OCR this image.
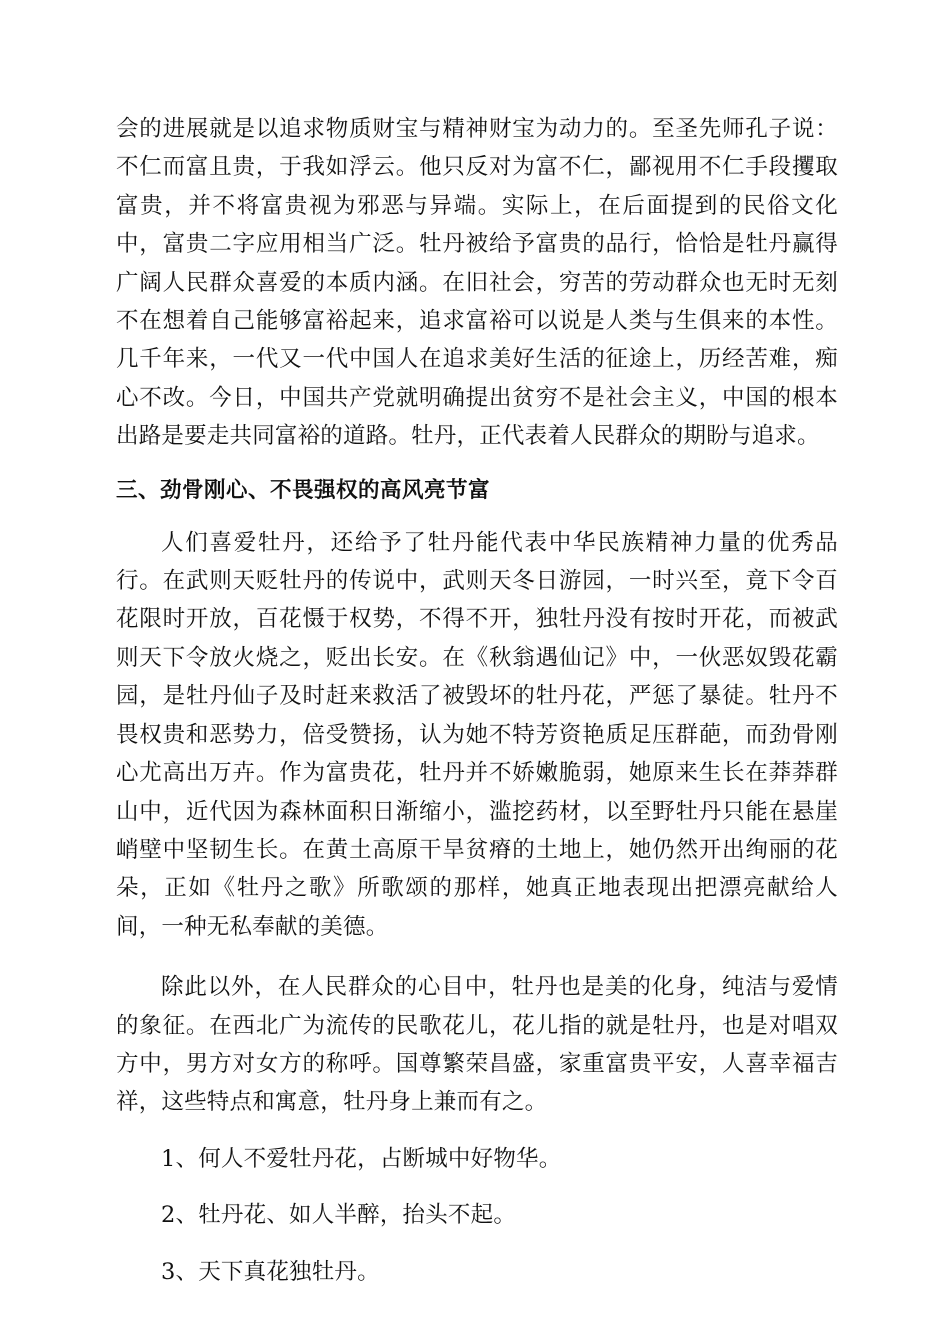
会的进展就是以追求物质财宝与精神财宝为动力的。至圣先师孔子说：不仁而富且贵，于我如浮云。他只反对为富不仁，鄙视用不仁手段攫取富贵，并不将富贵视为邪恶与异端。实际上，在后面提到的民俗文化中，富贵二字应用相当广泛。牡丹被给予富贵的品行，恰恰是牡丹赢得广阔人民群众喜爱的本质内涵。在旧社会，穷苦的劳动群众也无时无刻不在想着自己能够富裕起来，追求富裕可以说是人类与生俱来的本性。几千年来，一代又一代中国人在追求美好生活的征途上，历经苦难，痴心不改。今日，中国共产党就明确提出贫穷不是社会主义，中国的根本出路是要走共同富裕的道路。牡丹，正代表着人民群众的期盼与追求。

三、劲骨刚心、不畏强权的高风亮节富

人们喜爱牡丹，还给予了牡丹能代表中华民族精神力量的优秀品行。在武则天贬牡丹的传说中，武则天冬日游园，一时兴至，竟下令百花限时开放，百花慑于权势，不得不开，独牡丹没有按时开花，而被武则天下令放火烧之，贬出长安。在《秋翁遇仙记》中，一伙恶奴毁花霸园，是牡丹仙子及时赶来救活了被毁坏的牡丹花，严惩了暴徒。牡丹不畏权贵和恶势力，倍受赞扬，认为她不特芳资艳质足压群葩，而劲骨刚心尤高出万卉。作为富贵花，牡丹并不娇嫩脆弱，她原来生长在莽莽群山中，近代因为森林面积日渐缩小，滥挖药材，以至野牡丹只能在悬崖峭壁中坚韧生长。在黄土高原干旱贫瘠的土地上，她仍然开出绚丽的花朵，正如《牡丹之歌》所歌颂的那样，她真正地表现出把漂亮献给人间，一种无私奉献的美德。

除此以外，在人民群众的心目中，牡丹也是美的化身，纯洁与爱情的象征。在西北广为流传的民歌花儿，花儿指的就是牡丹，也是对唱双方中，男方对女方的称呼。国尊繁荣昌盛，家重富贵平安，人喜幸福吉祥，这些特点和寓意，牡丹身上兼而有之。

1、何人不爱牡丹花，占断城中好物华。

2、牡丹花、如人半醉，抬头不起。

3、天下真花独牡丹。
